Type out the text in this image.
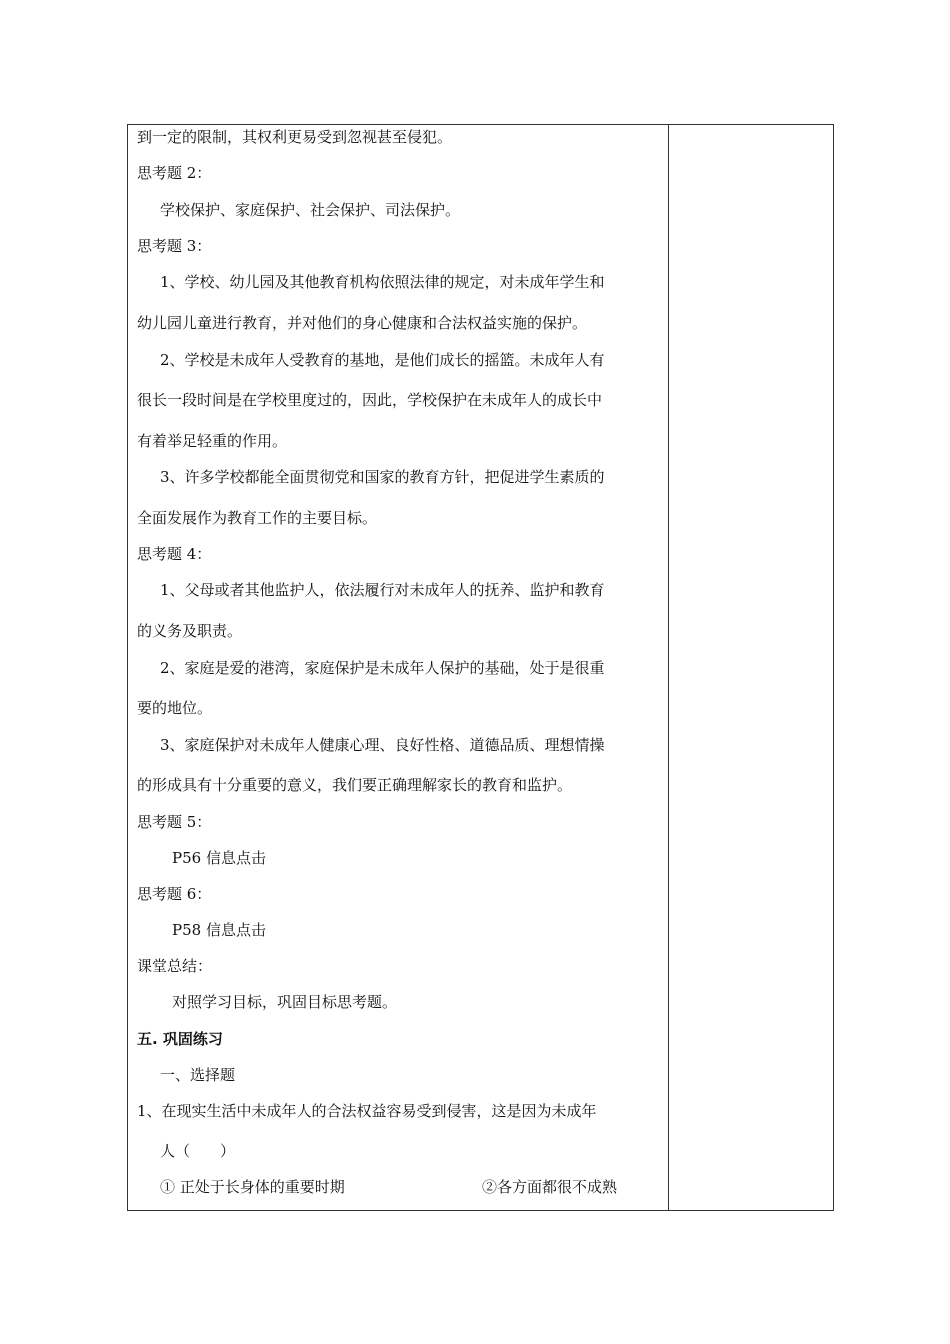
到一定的限制，其权利更易受到忽视甚至侵犯。
思考题 2：
学校保护、家庭保护、社会保护、司法保护。
思考题 3：
1、学校、幼儿园及其他教育机构依照法律的规定，对未成年学生和
幼儿园儿童进行教育，并对他们的身心健康和合法权益实施的保护。
2、学校是未成年人受教育的基地，是他们成长的摇篮。未成年人有
很长一段时间是在学校里度过的，因此，学校保护在未成年人的成长中
有着举足轻重的作用。
3、许多学校都能全面贯彻党和国家的教育方针，把促进学生素质的
全面发展作为教育工作的主要目标。
思考题 4：
1、父母或者其他监护人，依法履行对未成年人的抚养、监护和教育
的义务及职责。
2、家庭是爱的港湾，家庭保护是未成年人保护的基础，处于是很重
要的地位。
3、家庭保护对未成年人健康心理、良好性格、道德品质、理想情操
的形成具有十分重要的意义，我们要正确理解家长的教育和监护。
思考题 5：
P56 信息点击
思考题 6：
P58 信息点击
课堂总结：
对照学习目标，巩固目标思考题。
五. 巩固练习
一、选择题
1、在现实生活中未成年人的合法权益容易受到侵害，这是因为未成年
人（　　）
① 正处于长身体的重要时期	②各方面都很不成熟
